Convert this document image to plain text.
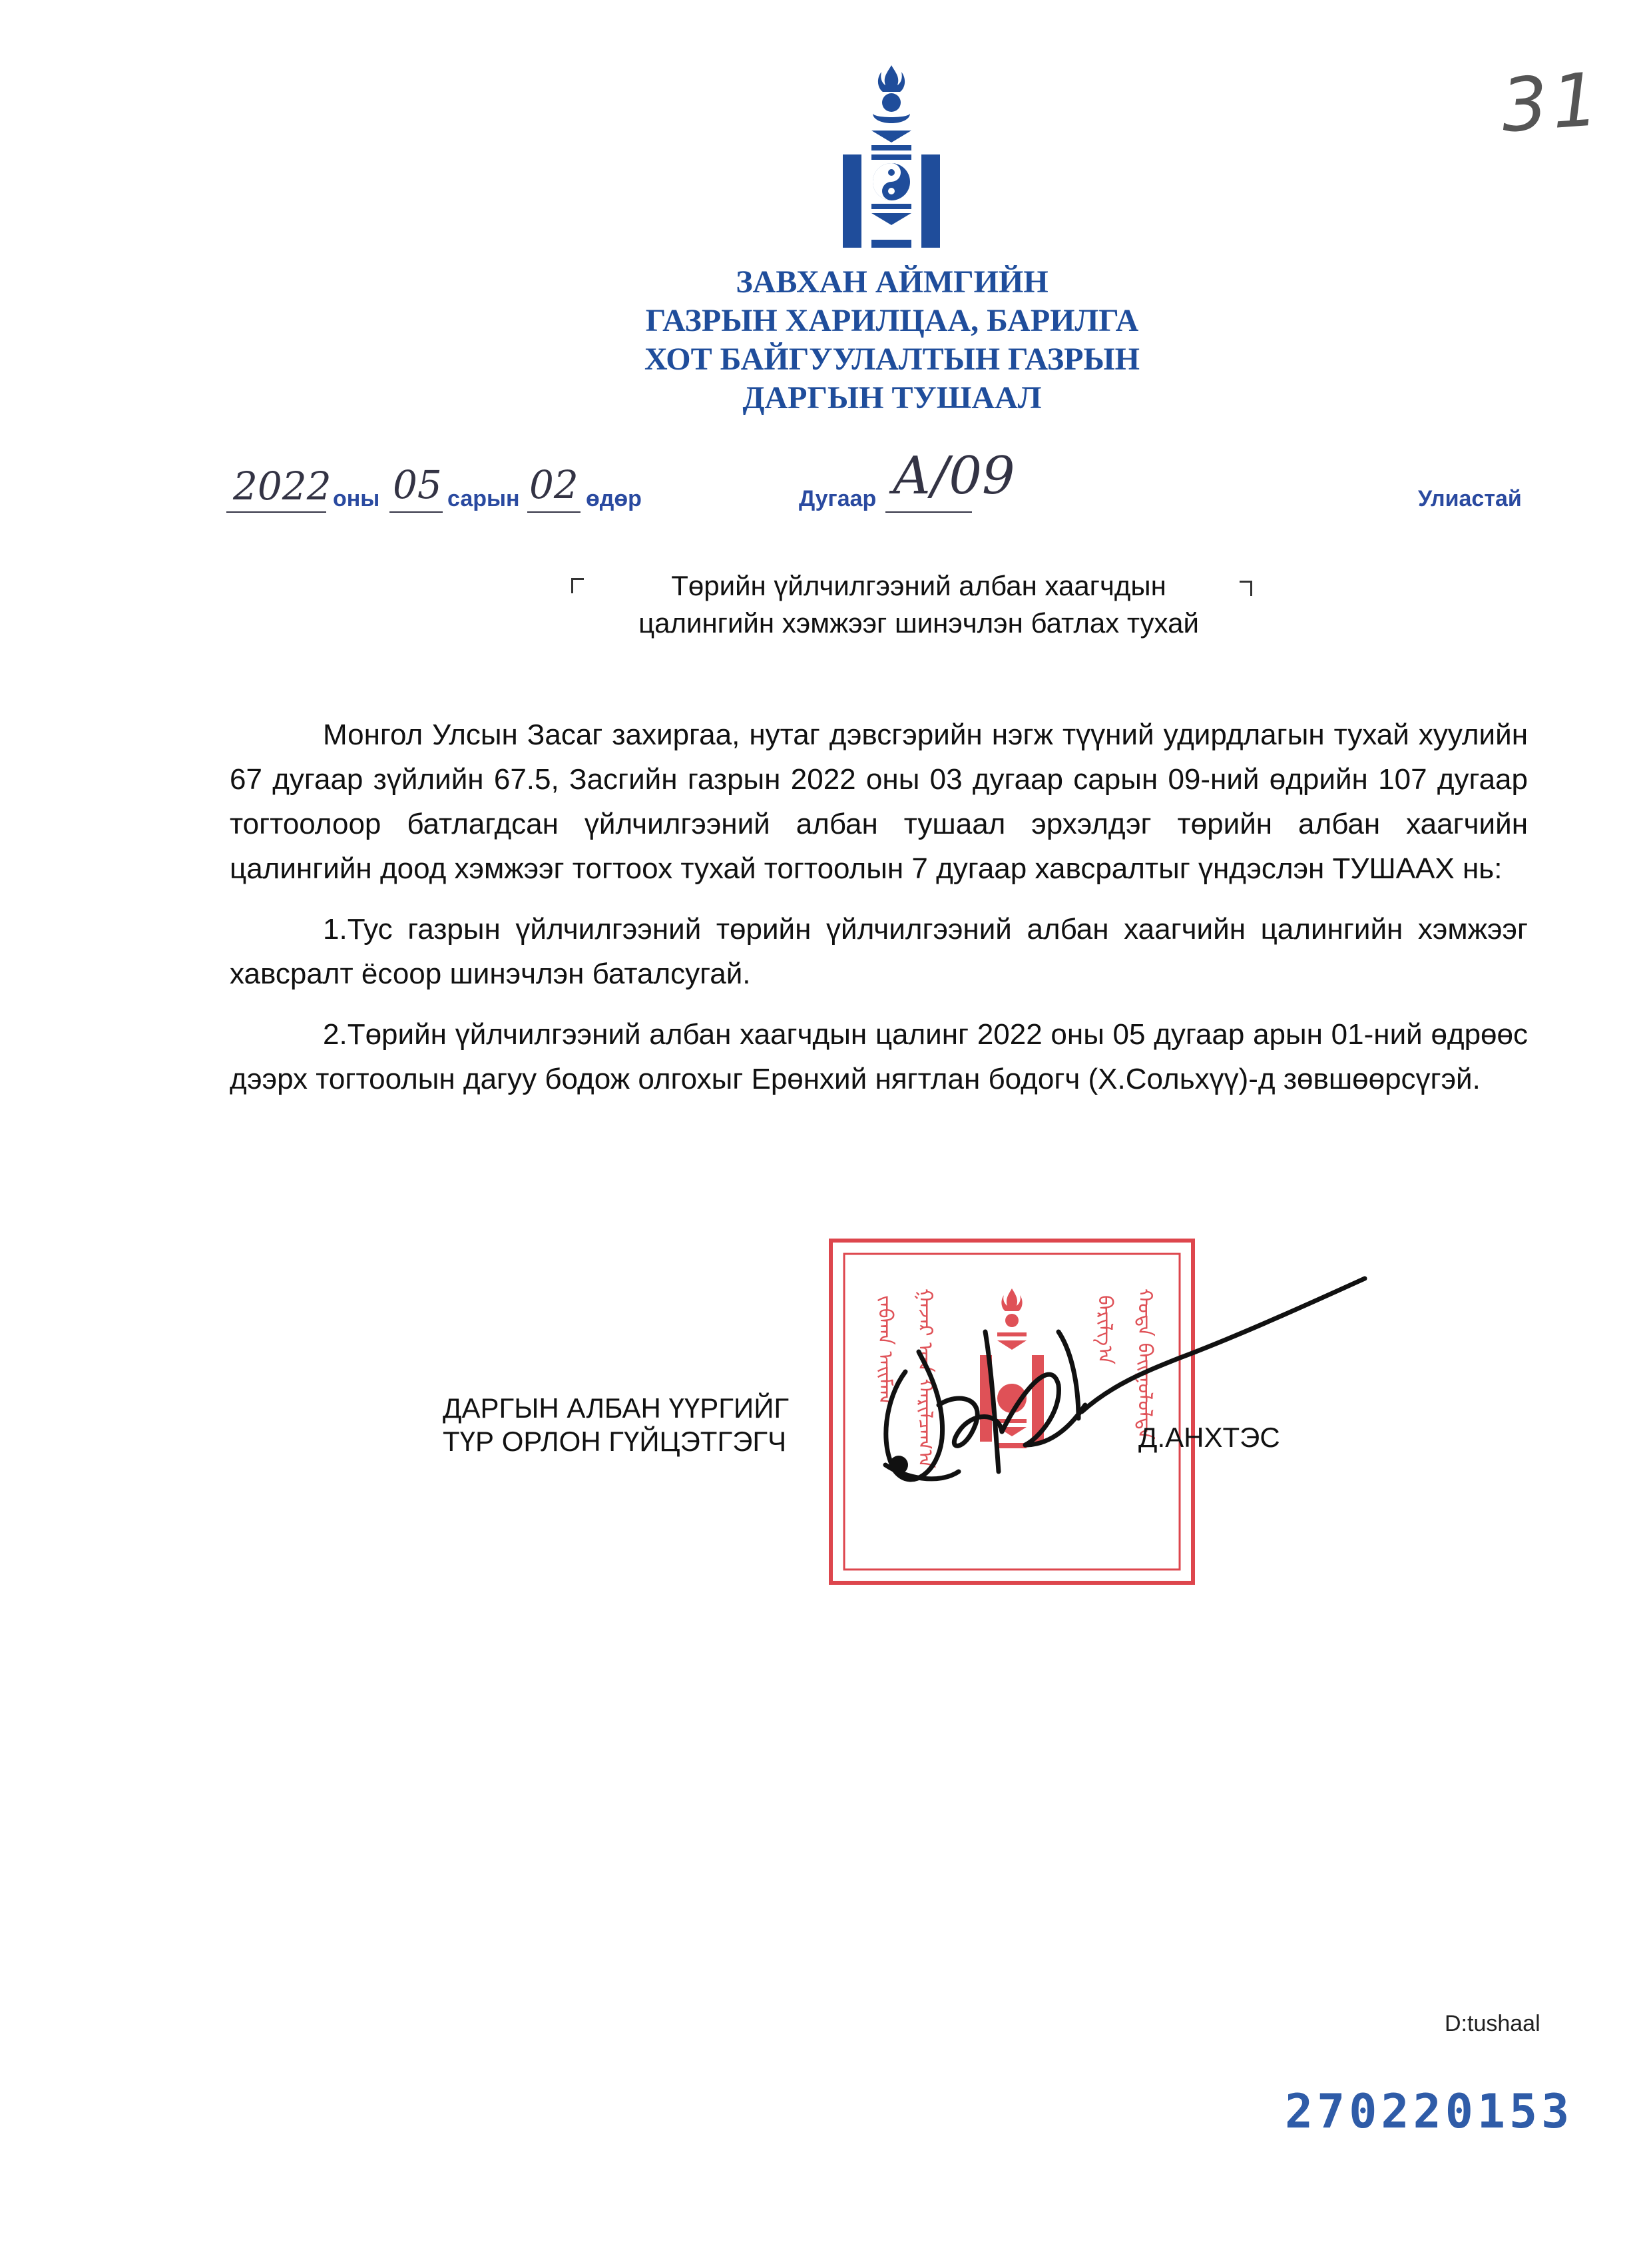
31
ЗАВХАН АЙМГИЙН
ГАЗРЫН ХАРИЛЦАА, БАРИЛГА
ХОТ БАЙГУУЛАЛТЫН ГАЗРЫН
ДАРГЫН ТУШААЛ
2022 оны 05 сарын 02 өдөр	Дугаар А/09	Улиастай
Төрийн үйлчилгээний албан хаагчдын
цалингийн хэмжээг шинэчлэн батлах тухай

Монгол Улсын Засаг захиргаа, нутаг дэвсгэрийн нэгж түүний удирдлагын тухай хуулийн 67 дугаар зүйлийн 67.5, Засгийн газрын 2022 оны 03 дугаар сарын 09-ний өдрийн 107 дугаар тогтоолоор батлагдсан үйлчилгээний албан тушаал эрхэлдэг төрийн албан хаагчийн цалингийн доод хэмжээг тогтоох тухай тогтоолын 7 дугаар хавсралтыг үндэслэн ТУШААХ нь:

1.Тус газрын үйлчилгээний төрийн үйлчилгээний албан хаагчийн цалингийн хэмжээг хавсралт ёсоор шинэчлэн баталсугай.

2.Төрийн үйлчилгээний албан хаагчдын цалинг 2022 оны 05 дугаар арын 01-ний өдрөөс дээрх тогтоолын дагуу бодож олгохыг Ерөнхий нягтлан бодогч (Х.Сольхүү)-д зөвшөөрсүгэй.

ᠵᠠᠪᠬᠠᠨ ᠠᠢᠮᠠᠭ ᠭᠠᠵᠠᠷ ᠤᠨ ᠬᠠᠷᠢᠯᠴᠠᠭ᠎ᠠ	ᠪᠠᠷᠢᠯᠭ᠎ᠠ ᠬᠣᠲᠠ ᠪᠠᠢᠭᠤᠯᠤᠯᠲᠠ
ДАРГЫН АЛБАН ҮҮРГИЙГ
ТҮР ОРЛОН ГҮЙЦЭТГЭГЧ	Д.АНХТЭС
D:tushaal
270220153
